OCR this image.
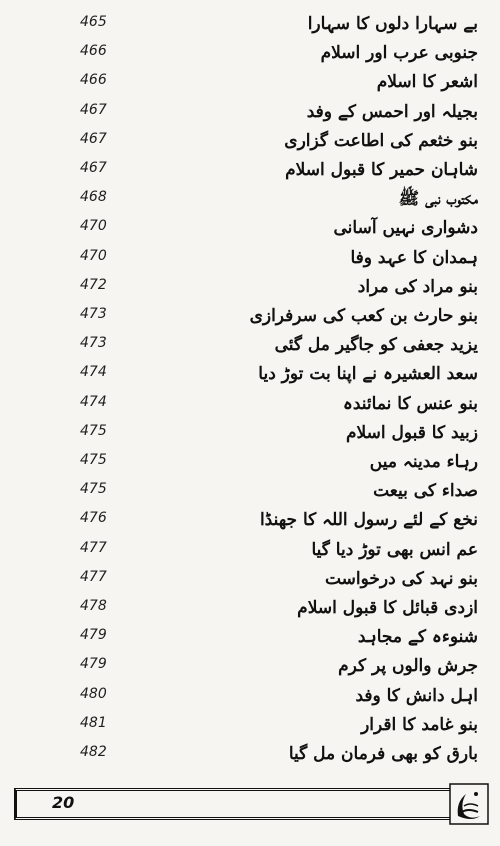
465	بے سہارا دلوں کا سہارا
466	جنوبی عرب اور اسلام
466	اشعر کا اسلام
467	بجیلہ اور احمس کے وفد
467	بنو خثعم کی اطاعت گزاری
467	شاہان حمیر کا قبول اسلام
468	مکتوب نبی ﷺ
470	دشواری نہیں آسانی
470	ہمدان کا عہد وفا
472	بنو مراد کی مراد
473	بنو حارث بن کعب کی سرفرازی
473	یزید جعفی کو جاگیر مل گئی
474	سعد العشیرہ نے اپنا بت توڑ دیا
474	بنو عنس کا نمائندہ
475	زبید کا قبول اسلام
475	رہاء مدینہ میں
475	صداء کی بیعت
476	نخع کے لئے رسول اللہ کا جھنڈا
477	عم انس بھی توڑ دیا گیا
477	بنو نہد کی درخواست
478	ازدی قبائل کا قبول اسلام
479	شنوءہ کے مجاہد
479	جرش والوں پر کرم
480	اہل دانش کا وفد
481	بنو غامد کا اقرار
482	بارق کو بھی فرمان مل گیا
20
